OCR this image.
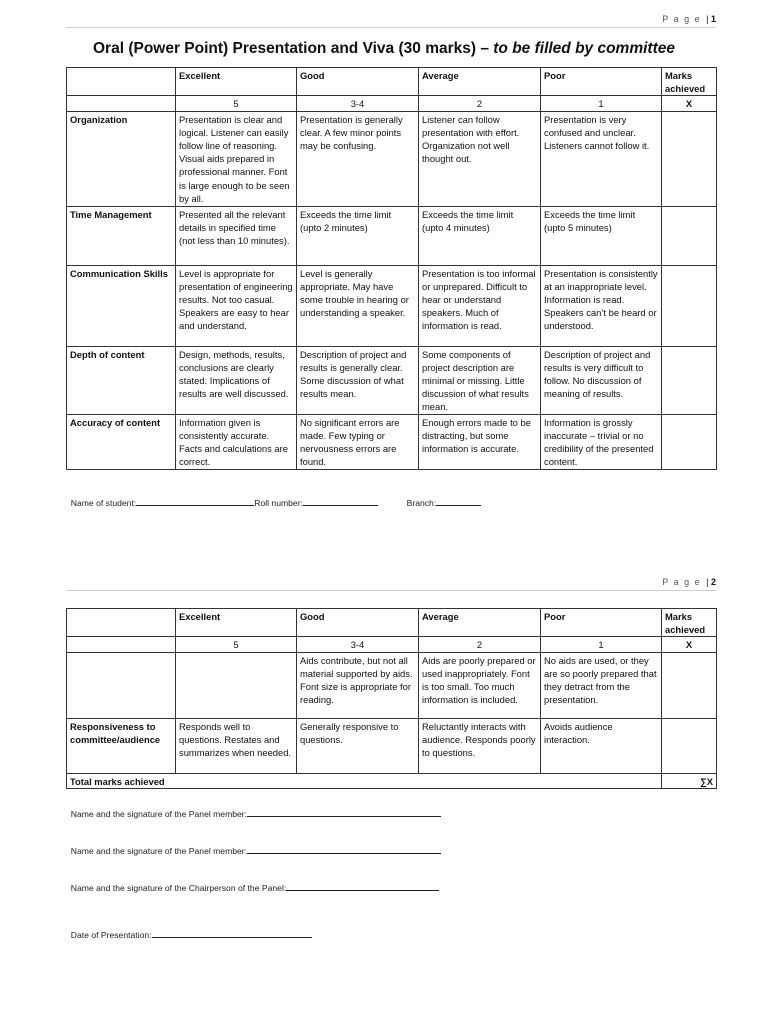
P a g e |1
Oral (Power Point) Presentation and Viva (30 marks) – to be filled by committee
	Excellent	Good	Average	Poor	Marks achieved
	5	3-4	2	1	X
Organization	Presentation is clear and logical. Listener can easily follow line of reasoning. Visual aids prepared in professional manner. Font is large enough to be seen by all.	Presentation is generally clear. A few minor points may be confusing.	Listener can follow presentation with effort. Organization not well thought out.	Presentation is very confused and unclear. Listeners cannot follow it.	
Time Management	Presented all the relevant details in specified time (not less than 10 minutes).	Exceeds the time limit (upto 2 minutes)	Exceeds the time limit (upto 4 minutes)	Exceeds the time limit (upto 5 minutes)	
Communication Skills	Level is appropriate for presentation of engineering results. Not too casual. Speakers are easy to hear and understand.	Level is generally appropriate. May have some trouble in hearing or understanding a speaker.	Presentation is too informal or unprepared. Difficult to hear or understand speakers. Much of information is read.	Presentation is consistently at an inappropriate level. Information is read. Speakers can’t be heard or understood.	
Depth of content	Design, methods, results, conclusions are clearly stated. Implications of results are well discussed.	Description of project and results is generally clear. Some discussion of what results mean.	Some components of project description are minimal or missing. Little discussion of what results mean.	Description of project and results is very difficult to follow. No discussion of meaning of results.	
Accuracy of content	Information given is consistently accurate. Facts and calculations are correct.	No significant errors are made. Few typing or nervousness errors are found.	Enough errors made to be distracting, but some information is accurate.	Information is grossly inaccurate – trivial or no credibility of the presented content.	

Name of student:	Roll number:	Branch:

P a g e |2
	Excellent	Good	Average	Poor	Marks achieved
	5	3-4	2	1	X
		Aids contribute, but not all material supported by aids. Font size is appropriate for reading.	Aids are poorly prepared or used inappropriately. Font is too small. Too much information is included.	No aids are used, or they are so poorly prepared that they detract from the presentation.	
Responsiveness to committee/audience	Responds well to questions. Restates and summarizes when needed.	Generally responsive to questions.	Reluctantly interacts with audience. Responds poorly to questions.	Avoids audience interaction.	
Total marks achieved					∑X

Name and the signature of the Panel member:

Name and the signature of the Panel member:

Name and the signature of the Chairperson of the Panel:

Date of Presentation:
